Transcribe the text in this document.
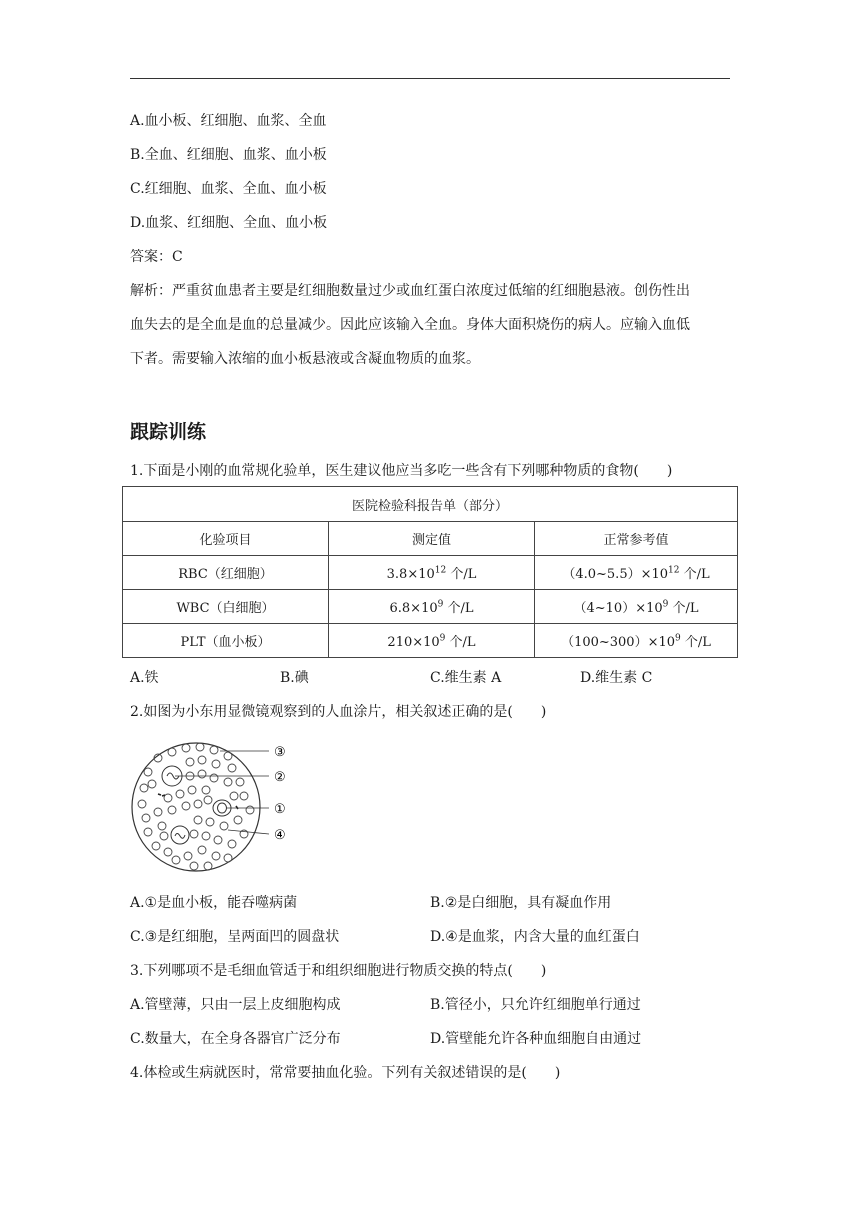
A.血小板、红细胞、血浆、全血
B.全血、红细胞、血浆、血小板
C.红细胞、血浆、全血、血小板
D.血浆、红细胞、全血、血小板
答案：C
解析：严重贫血患者主要是红细胞数量过少或血红蛋白浓度过低缩的红细胞悬液。创伤性出
血失去的是全血是血的总量减少。因此应该输入全血。身体大面积烧伤的病人。应输入血低
下者。需要输入浓缩的血小板悬液或含凝血物质的血浆。
跟踪训练
1.下面是小刚的血常规化验单，医生建议他应当多吃一些含有下列哪种物质的食物(　　)
医院检验科报告单（部分）		
化验项目	测定值	正常参考值
RBC（红细胞）	$3.8\times 10^{12}$ 个/L	$(4.0\sim 5.5)\times 10^{12}$ 个/L
WBC（白细胞）	$6.8\times 10^9$ 个/L	$(4\sim 10)\times 10^9$ 个/L
PLT（血小板）	$210\times 10^9$ 个/L	$(100\sim 300)\times 10^9$ 个/L
A.铁	B.碘	C.维生素 A	D.维生素 C
2.如图为小东用显微镜观察到的人血涂片，相关叙述正确的是(　　)
③
②
①
④
A.①是血小板，能吞噬病菌	B.②是白细胞，具有凝血作用
C.③是红细胞，呈两面凹的圆盘状	D.④是血浆，内含大量的血红蛋白
3.下列哪项不是毛细血管适于和组织细胞进行物质交换的特点(　　)
A.管壁薄，只由一层上皮细胞构成	B.管径小，只允许红细胞单行通过
C.数量大，在全身各器官广泛分布	D.管壁能允许各种血细胞自由通过
4.体检或生病就医时，常常要抽血化验。下列有关叙述错误的是(　　)
